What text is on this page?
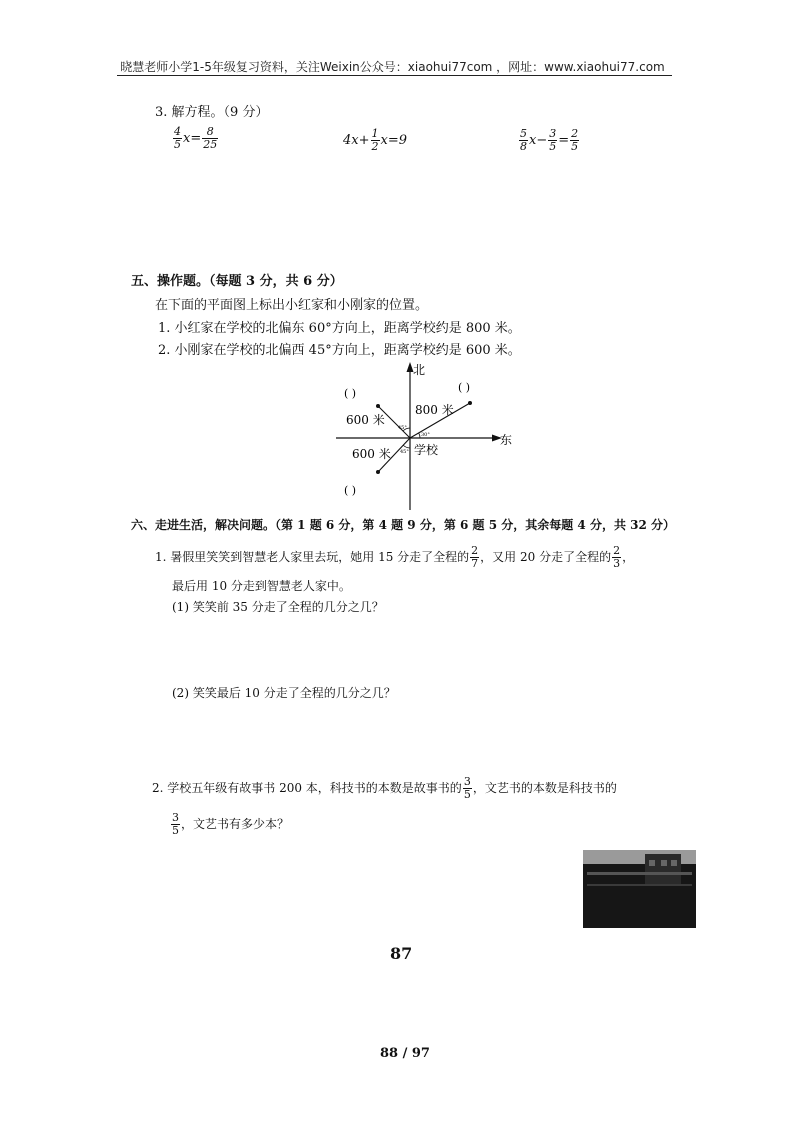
晓慧老师小学1-5年级复习资料，关注Weixin公众号：xiaohui77com ，网址：www.xiaohui77.com
3. 解方程。（9 分）
$\frac{4}{5} x= \frac{8}{25}$	$4x+ \frac{1}{2} x=9$	$\frac{5}{8} x- \frac{3}{5} = \frac{2}{5}$
五、操作题。（每题 3 分，共 6 分）
在下面的平面图上标出小红家和小刚家的位置。
1. 小红家在学校的北偏东 60°方向上，距离学校约是 800 米。
2. 小刚家在学校的北偏西 45°方向上，距离学校约是 600 米。
北
东
学校
800 米
600 米
600 米
45°
30°
45°
( )	( )
( )
六、走进生活，解决问题。（第 1 题 6 分，第 4 题 9 分，第 6 题 5 分，其余每题 4 分，共 32 分）
1. 暑假里笑笑到智慧老人家里去玩，她用 15 分走了全程的 $\frac{2}{7}$ ，又用 20 分走了全程的 $\frac{2}{3}$ ，
最后用 10 分走到智慧老人家中。
(1) 笑笑前 35 分走了全程的几分之几？
(2) 笑笑最后 10 分走了全程的几分之几？
2. 学校五年级有故事书 200 本，科技书的本数是故事书的 $\frac{3}{5}$ ，文艺书的本数是科技书的
$\frac{3}{5}$ ，文艺书有多少本？
87
88 / 97
